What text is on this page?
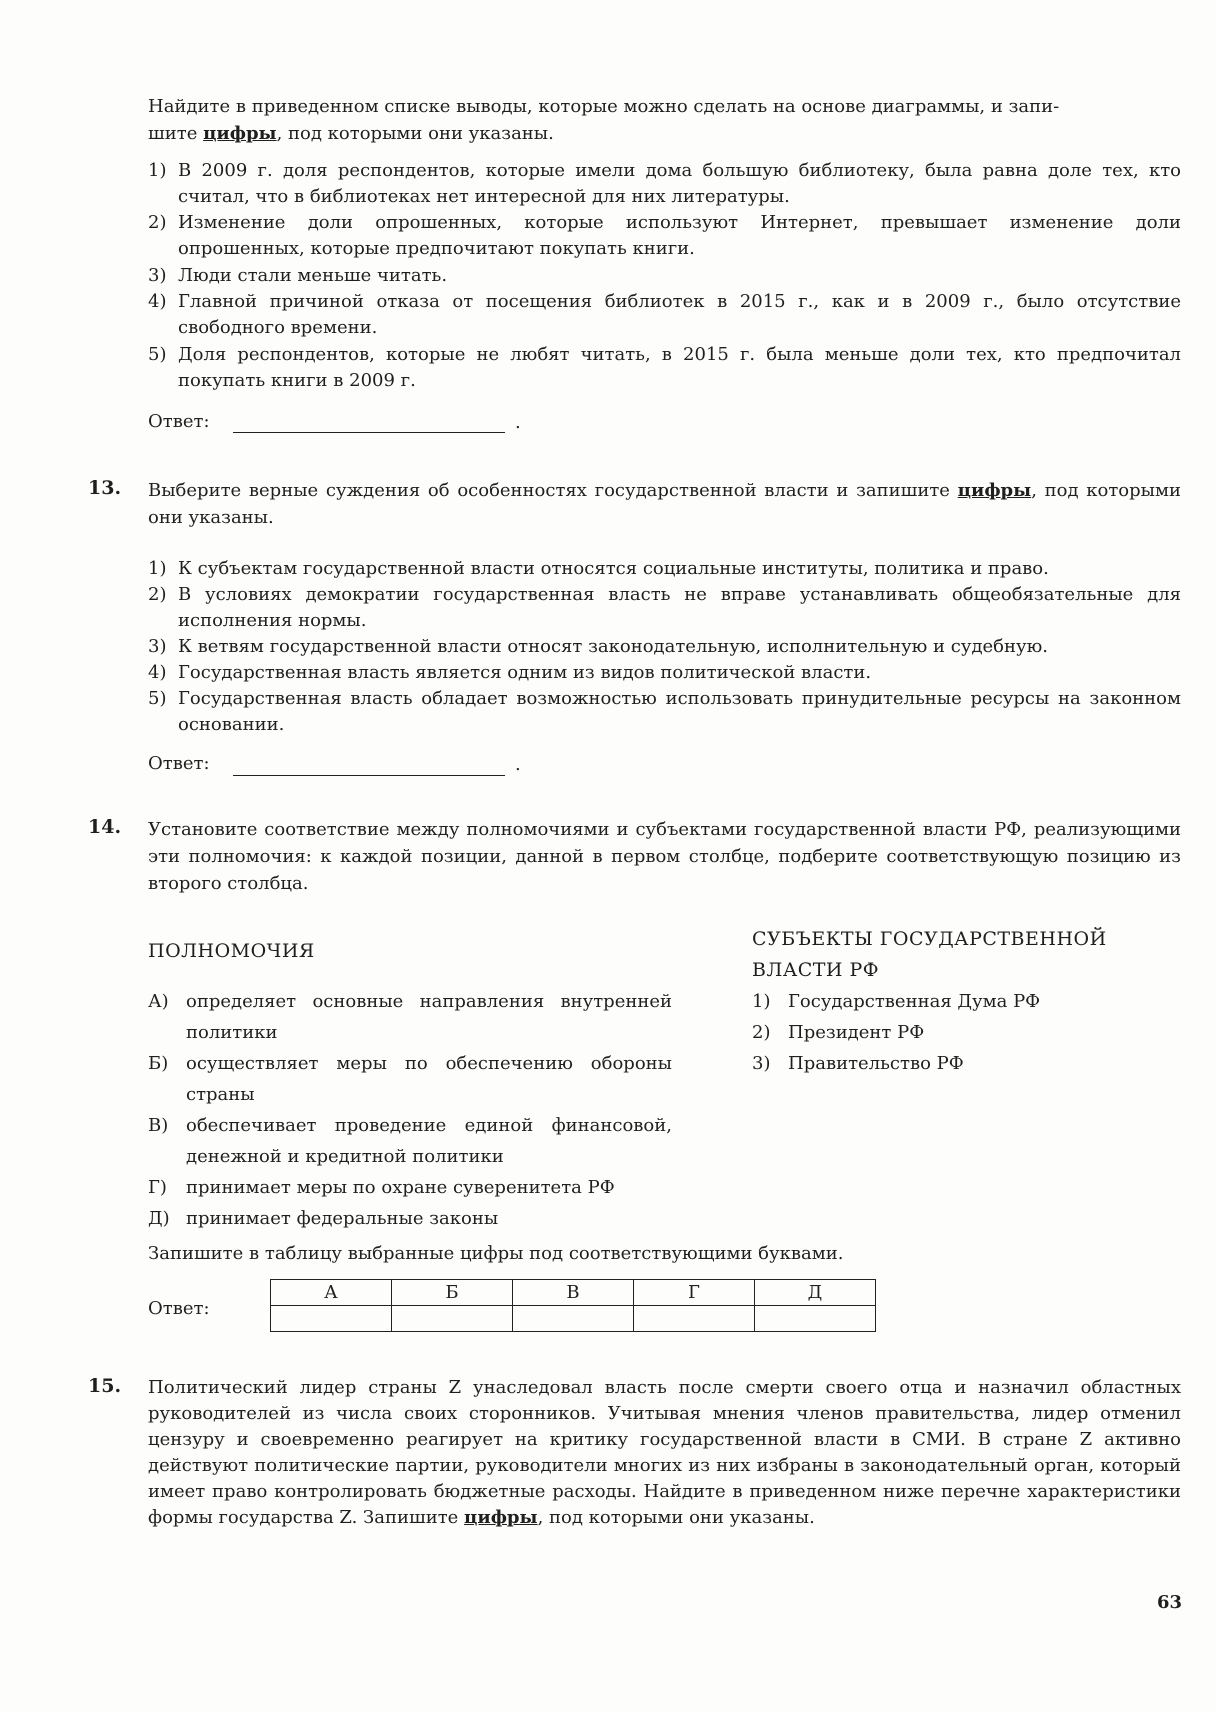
Найдите в приведенном списке выводы, которые можно сделать на основе диаграммы, и запи-
шите цифры, под которыми они указаны.
1) В 2009 г. доля респондентов, которые имели дома большую библиотеку, была равна доле тех, кто считал, что в библиотеках нет интересной для них литературы.
2) Изменение доли опрошенных, которые используют Интернет, превышает изменение доли опрошенных, которые предпочитают покупать книги.
3) Люди стали меньше читать.
4) Главной причиной отказа от посещения библиотек в 2015 г., как и в 2009 г., было отсутствие свободного времени.
5) Доля респондентов, которые не любят читать, в 2015 г. была меньше доли тех, кто предпочитал покупать книги в 2009 г.
Ответ:	.
13. Выберите верные суждения об особенностях государственной власти и запишите цифры, под которыми они указаны.
1) К субъектам государственной власти относятся социальные институты, политика и право.
2) В условиях демократии государственная власть не вправе устанавливать общеобязательные для исполнения нормы.
3) К ветвям государственной власти относят законодательную, исполнительную и судебную.
4) Государственная власть является одним из видов политической власти.
5) Государственная власть обладает возможностью использовать принудительные ресурсы на законном основании.
Ответ:	.
14. Установите соответствие между полномочиями и субъектами государственной власти РФ, реализующими эти полномочия: к каждой позиции, данной в первом столбце, подберите соответствующую позицию из второго столбца.
ПОЛНОМОЧИЯ
СУБЪЕКТЫ ГОСУДАРСТВЕННОЙ
ВЛАСТИ РФ
А) определяет основные направления внутренней политики
Б) осуществляет меры по обеспечению обороны страны
В) обеспечивает проведение единой финансовой, денежной и кредитной политики
Г) принимает меры по охране суверенитета РФ
Д) принимает федеральные законы
1) Государственная Дума РФ
2) Президент РФ
3) Правительство РФ
Запишите в таблицу выбранные цифры под соответствующими буквами.
Ответ:
А	Б	В	Г	Д

15. Политический лидер страны Z унаследовал власть после смерти своего отца и назначил областных руководителей из числа своих сторонников. Учитывая мнения членов правительства, лидер отменил цензуру и своевременно реагирует на критику государственной власти в СМИ. В стране Z активно действуют политические партии, руководители многих из них избраны в законодательный орган, который имеет право контролировать бюджетные расходы. Найдите в приведенном ниже перечне характеристики формы государства Z. Запишите цифры, под которыми они указаны.
63
